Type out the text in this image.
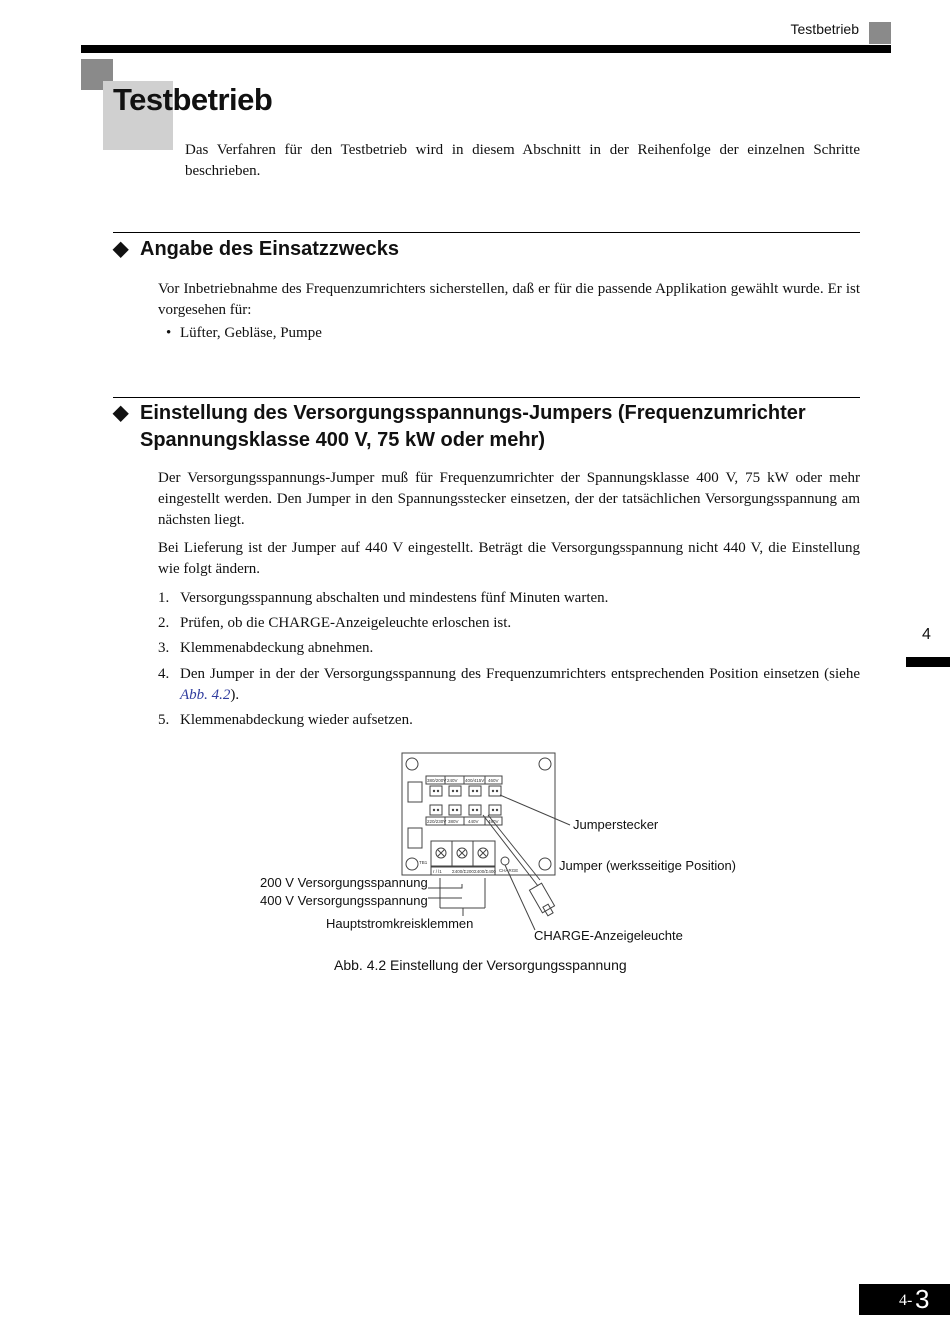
Testbetrieb
Testbetrieb
Das Verfahren für den Testbetrieb wird in diesem Abschnitt in der Reihenfolge der einzelnen Schritte beschrieben.
◆ Angabe des Einsatzzwecks
Vor Inbetriebnahme des Frequenzumrichters sicherstellen, daß er für die passende Applikation gewählt wurde. Er ist vorgesehen für:
• Lüfter, Gebläse, Pumpe
◆ Einstellung des Versorgungsspannungs-Jumpers (Frequenzumrichter
Spannungsklasse 400 V, 75 kW oder mehr)
Der Versorgungsspannungs-Jumper muß für Frequenzumrichter der Spannungsklasse 400 V, 75 kW oder mehr eingestellt werden. Den Jumper in den Spannungsstecker einsetzen, der der tatsächlichen Versorgungsspannung am nächsten liegt.
Bei Lieferung ist der Jumper auf 440 V eingestellt. Beträgt die Versorgungsspannung nicht 440 V, die Einstellung wie folgt ändern.
1. Versorgungsspannung abschalten und mindestens fünf Minuten warten.
2. Prüfen, ob die CHARGE-Anzeigeleuchte erloschen ist.
3. Klemmenabdeckung abnehmen.
4. Den Jumper in der der Versorgungsspannung des Frequenzumrichters entsprechenden Position einsetzen (siehe Abb. 4.2).
5. Klemmenabdeckung wieder aufsetzen.
4
380/200V 240V 400/415V 460V
220/230V 380V 440V 480V
TB1
r / l1 Σ400/Σ200 Σ400/Σ400 CHARGE
Jumperstecker
Jumper (werksseitige Position)
200 V Versorgungsspannung
400 V Versorgungsspannung
Hauptstromkreisklemmen
CHARGE-Anzeigeleuchte
Abb. 4.2 Einstellung der Versorgungsspannung
4- 3
